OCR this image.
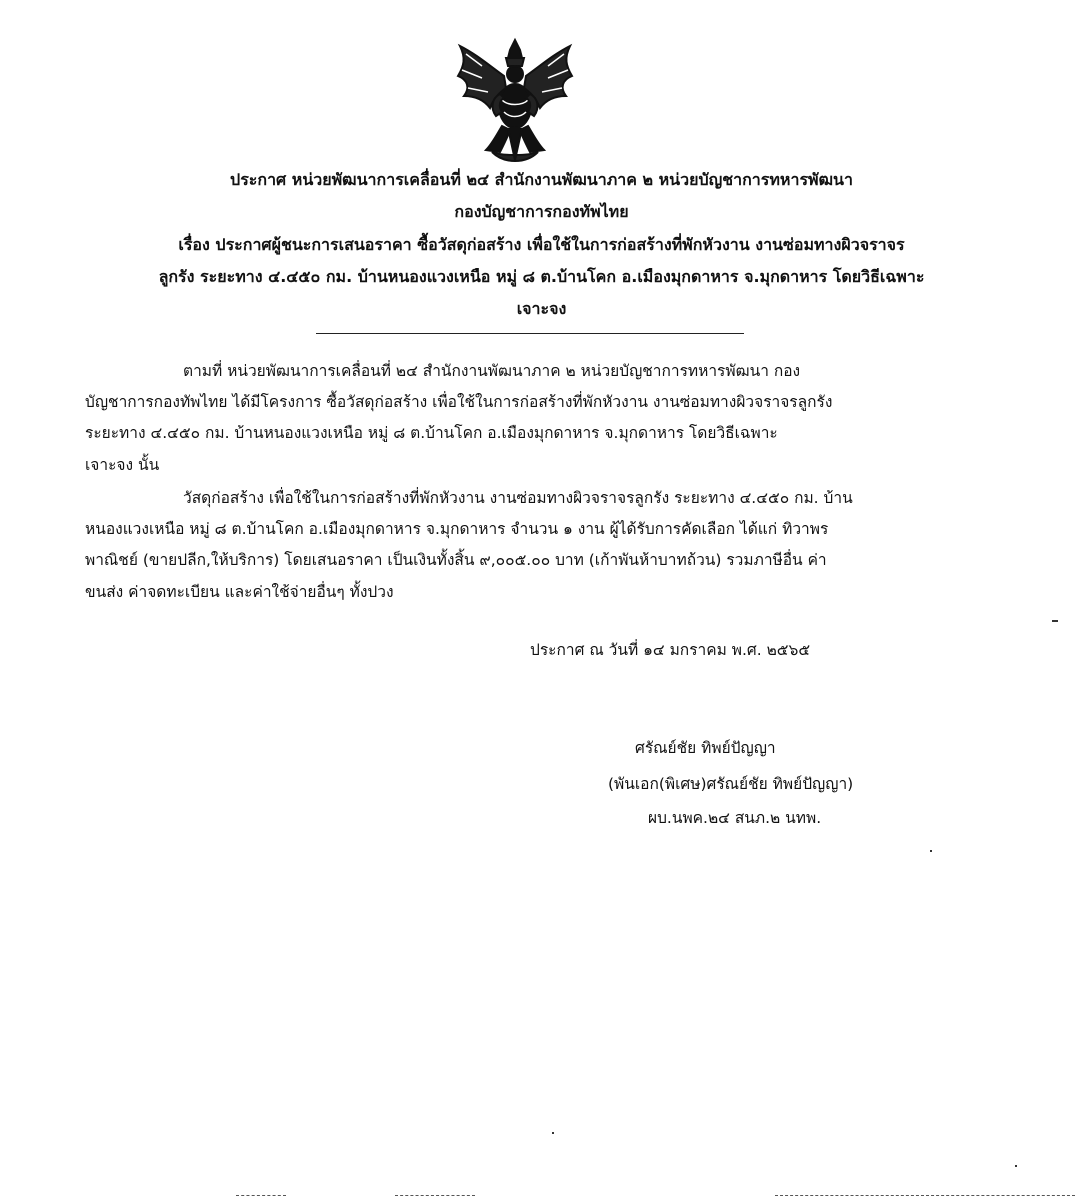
ประกาศ หน่วยพัฒนาการเคลื่อนที่ ๒๔ สำนักงานพัฒนาภาค ๒ หน่วยบัญชาการทหารพัฒนา
กองบัญชาการกองทัพไทย
เรื่อง ประกาศผู้ชนะการเสนอราคา ซื้อวัสดุก่อสร้าง เพื่อใช้ในการก่อสร้างที่พักหัวงาน งานซ่อมทางผิวจราจร
ลูกรัง ระยะทาง ๔.๔๕๐ กม. บ้านหนองแวงเหนือ หมู่ ๘ ต.บ้านโคก อ.เมืองมุกดาหาร จ.มุกดาหาร โดยวิธีเฉพาะ
เจาะจง
ตามที่ หน่วยพัฒนาการเคลื่อนที่ ๒๔ สำนักงานพัฒนาภาค ๒ หน่วยบัญชาการทหารพัฒนา กอง
บัญชาการกองทัพไทย ได้มีโครงการ ซื้อวัสดุก่อสร้าง เพื่อใช้ในการก่อสร้างที่พักหัวงาน งานซ่อมทางผิวจราจรลูกรัง
ระยะทาง ๔.๔๕๐ กม. บ้านหนองแวงเหนือ หมู่ ๘ ต.บ้านโคก อ.เมืองมุกดาหาร จ.มุกดาหาร โดยวิธีเฉพาะ
เจาะจง นั้น
วัสดุก่อสร้าง เพื่อใช้ในการก่อสร้างที่พักหัวงาน งานซ่อมทางผิวจราจรลูกรัง ระยะทาง ๔.๔๕๐ กม. บ้าน
หนองแวงเหนือ หมู่ ๘ ต.บ้านโคก อ.เมืองมุกดาหาร จ.มุกดาหาร จำนวน ๑ งาน ผู้ได้รับการคัดเลือก ได้แก่ ทิวาพร
พาณิชย์ (ขายปลีก,ให้บริการ) โดยเสนอราคา เป็นเงินทั้งสิ้น ๙,๐๐๕.๐๐ บาท (เก้าพันห้าบาทถ้วน) รวมภาษีอื่น ค่า
ขนส่ง ค่าจดทะเบียน และค่าใช้จ่ายอื่นๆ ทั้งปวง
ประกาศ ณ วันที่ ๑๔ มกราคม พ.ศ. ๒๕๖๕
ศรัณย์ชัย ทิพย์ปัญญา
(พันเอก(พิเศษ)ศรัณย์ชัย ทิพย์ปัญญา)
ผบ.นพค.๒๔ สนภ.๒ นทพ.
